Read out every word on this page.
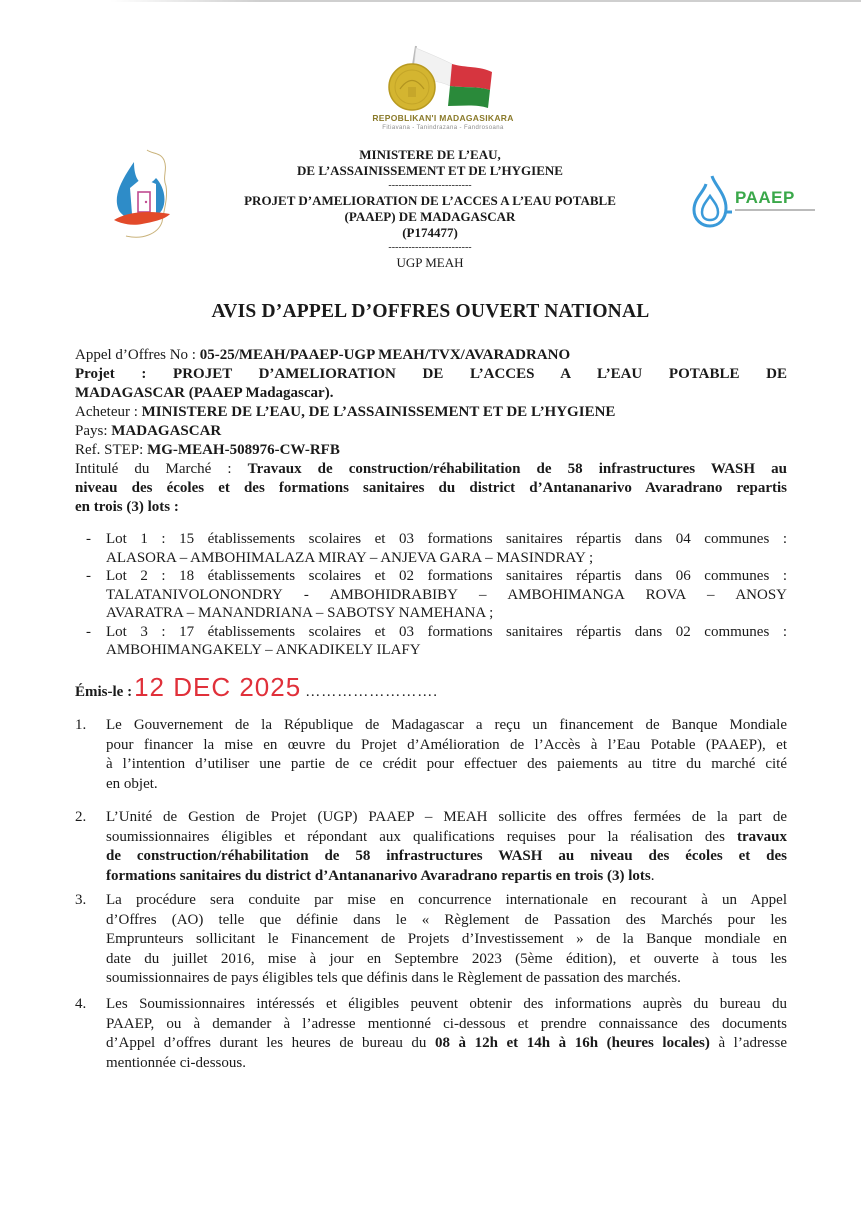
REPOBLIKAN'I MADAGASIKARA
Fitiavana - Tanindrazana - Fandrosoana
PAAEP
MINISTERE DE L’EAU,
DE L’ASSAINISSEMENT ET DE L’HYGIENE
-------------------------
PROJET D’AMELIORATION DE L’ACCES A L’EAU POTABLE
(PAAEP) DE MADAGASCAR
(P174477)
-------------------------
UGP MEAH
AVIS D’APPEL D’OFFRES OUVERT NATIONAL
Appel d’Offres No : 05-25/MEAH/PAAEP-UGP MEAH/TVX/AVARADRANO
Projet : PROJET D’AMELIORATION DE L’ACCES A L’EAU POTABLE DE
MADAGASCAR (PAAEP Madagascar).
Acheteur : MINISTERE DE L’EAU, DE L’ASSAINISSEMENT ET DE L’HYGIENE
Pays: MADAGASCAR
Ref. STEP: MG-MEAH-508976-CW-RFB
Intitulé du Marché : Travaux de construction/réhabilitation de 58 infrastructures WASH au
niveau des écoles et des formations sanitaires du district d’Antananarivo Avaradrano repartis
en trois (3) lots :
- Lot 1 : 15 établissements scolaires et 03 formations sanitaires répartis dans 04 communes :
ALASORA – AMBOHIMALAZA MIRAY – ANJEVA GARA – MASINDRAY ;
- Lot 2 : 18 établissements scolaires et 02 formations sanitaires répartis dans 06 communes :
TALATANIVOLONONDRY - AMBOHIDRABIBY – AMBOHIMANGA ROVA – ANOSY
AVARATRA – MANANDRIANA – SABOTSY NAMEHANA ;
- Lot 3 : 17 établissements scolaires et 03 formations sanitaires répartis dans 02 communes :
AMBOHIMANGAKELY – ANKADIKELY ILAFY
Émis-le : 12 DEC 2025 …………………….
1. Le Gouvernement de la République de Madagascar a reçu un financement de Banque Mondiale
pour financer la mise en œuvre du Projet d’Amélioration de l’Accès à l’Eau Potable (PAAEP), et
à l’intention d’utiliser une partie de ce crédit pour effectuer des paiements au titre du marché cité
en objet.
2. L’Unité de Gestion de Projet (UGP) PAAEP – MEAH sollicite des offres fermées de la part de
soumissionnaires éligibles et répondant aux qualifications requises pour la réalisation des travaux
de construction/réhabilitation de 58 infrastructures WASH au niveau des écoles et des
formations sanitaires du district d’Antananarivo Avaradrano repartis en trois (3) lots.
3. La procédure sera conduite par mise en concurrence internationale en recourant à un Appel
d’Offres (AO) telle que définie dans le « Règlement de Passation des Marchés pour les
Emprunteurs sollicitant le Financement de Projets d’Investissement » de la Banque mondiale en
date du juillet 2016, mise à jour en Septembre 2023 (5ème édition), et ouverte à tous les
soumissionnaires de pays éligibles tels que définis dans le Règlement de passation des marchés.
4. Les Soumissionnaires intéressés et éligibles peuvent obtenir des informations auprès du bureau du
PAAEP, ou à demander à l’adresse mentionné ci-dessous et prendre connaissance des documents
d’Appel d’offres durant les heures de bureau du 08 à 12h et 14h à 16h (heures locales) à l’adresse
mentionnée ci-dessous.
